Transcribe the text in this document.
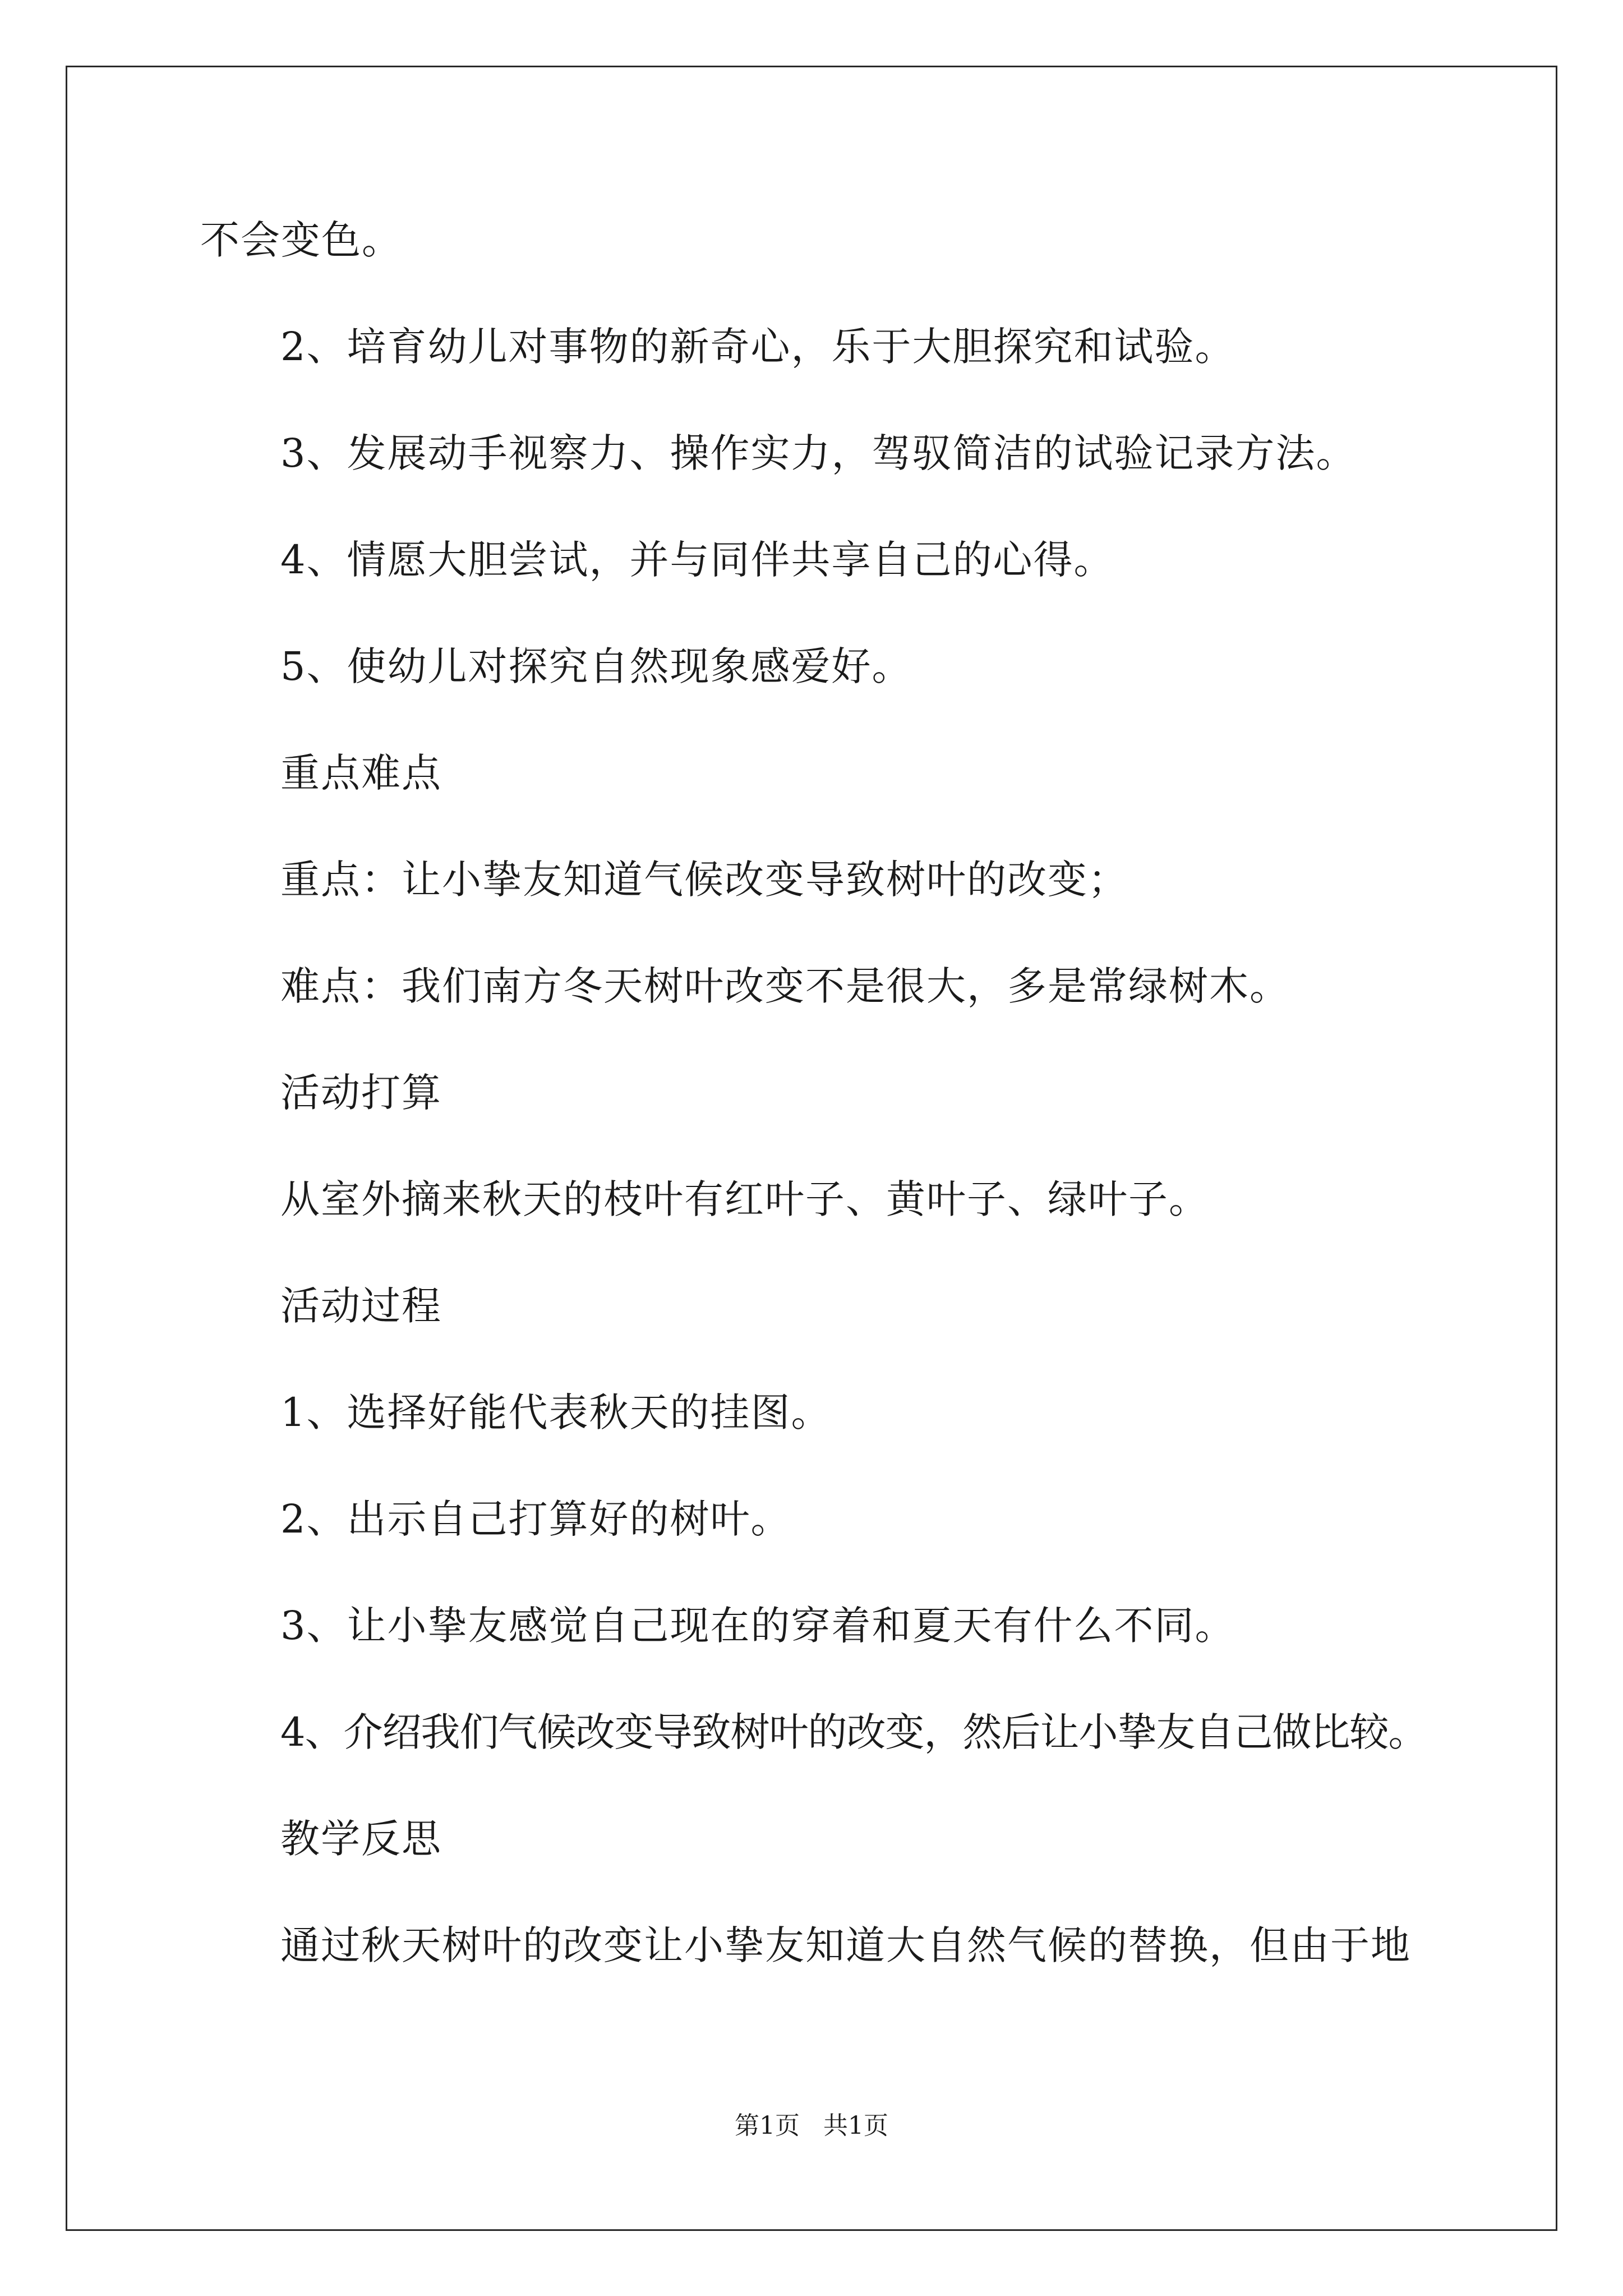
不会变色。
2、培育幼儿对事物的新奇心，乐于大胆探究和试验。
3、发展动手视察力、操作实力，驾驭简洁的试验记录方法。
4、情愿大胆尝试，并与同伴共享自己的心得。
5、使幼儿对探究自然现象感爱好。
重点难点
重点：让小挚友知道气候改变导致树叶的改变；
难点：我们南方冬天树叶改变不是很大，多是常绿树木。
活动打算
从室外摘来秋天的枝叶有红叶子、黄叶子、绿叶子。
活动过程
1、选择好能代表秋天的挂图。
2、出示自己打算好的树叶。
3、让小挚友感觉自己现在的穿着和夏天有什么不同。
4、介绍我们气候改变导致树叶的改变，然后让小挚友自己做比较。
教学反思
通过秋天树叶的改变让小挚友知道大自然气候的替换，但由于地
第1页   共1页
